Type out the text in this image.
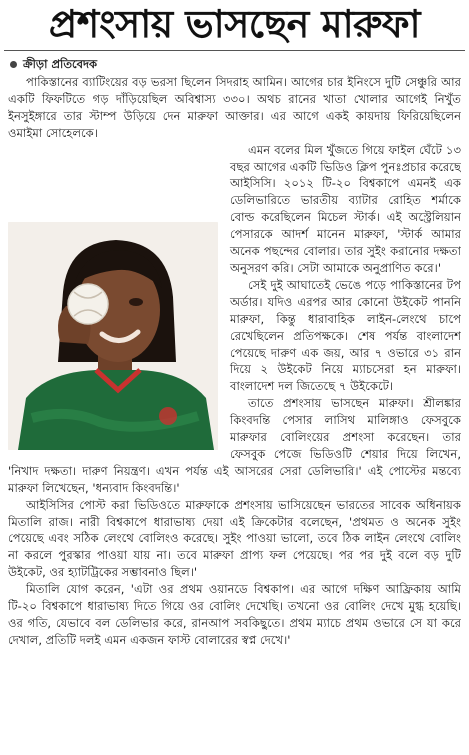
প্রশংসায় ভাসছেন মারুফা
ক্রীড়া প্রতিবেদক

পাকিস্তানের ব্যাটিংয়ের বড় ভরসা ছিলেন সিদরাহ আমিন। আগের চার ইনিংসে দুটি সেঞ্চুরি আর একটি ফিফটিতে গড় দাঁড়িয়েছিল অবিশ্বাস্য ৩৩০। অথচ রানের খাতা খোলার আগেই নিখুঁত ইনসুইঙ্গারে তার স্টাম্প উড়িয়ে দেন মারুফা আক্তার। এর আগে একই কায়দায় ফিরিয়েছিলেন ওমাইমা সোহেলকে।

এমন বলের মিল খুঁজতে গিয়ে ফাইল ঘেঁটে ১৩ বছর আগের একটি ভিডিও ক্লিপ পুনঃপ্রচার করেছে আইসিসি। ২০১২ টি-২০ বিশ্বকাপে এমনই এক ডেলিভারিতে ভারতীয় ব্যাটার রোহিত শর্মাকে বোল্ড করেছিলেন মিচেল স্টার্ক। এই অস্ট্রেলিয়ান পেসারকে আদর্শ মানেন মারুফা, 'স্টার্ক আমার অনেক পছন্দের বোলার। তার সুইং করানোর দক্ষতা অনুসরণ করি। সেটা আমাকে অনুপ্রাণিত করে।'

সেই দুই আঘাতেই ভেঙে পড়ে পাকিস্তানের টপ অর্ডার। যদিও এরপর আর কোনো উইকেট পাননি মারুফা, কিন্তু ধারাবাহিক লাইন-লেংথে চাপে রেখেছিলেন প্রতিপক্ষকে। শেষ পর্যন্ত বাংলাদেশ পেয়েছে দারুণ এক জয়, আর ৭ ওভারে ৩১ রান দিয়ে ২ উইকেট নিয়ে ম্যাচসেরা হন মারুফা। বাংলাদেশ দল জিতেছে ৭ উইকেটে।

তাতে প্রশংসায় ভাসছেন মারুফা। শ্রীলঙ্কার কিংবদন্তি পেসার লাসিথ মালিঙ্গাও ফেসবুকে মারুফার বোলিংয়ের প্রশংসা করেছেন। তার ফেসবুক পেজে ভিডিওটি শেয়ার দিয়ে লিখেন, 'নিখাদ দক্ষতা। দারুণ নিয়ন্ত্রণ। এখন পর্যন্ত এই আসরের সেরা ডেলিভারি।' এই পোস্টের মন্তব্যে মারুফা লিখেছেন, 'ধন্যবাদ কিংবদন্তি।'

আইসিসির পোস্ট করা ভিডিওতে মারুফাকে প্রশংসায় ভাসিয়েছেন ভারতের সাবেক অধিনায়ক মিতালি রাজ। নারী বিশ্বকাপে ধারাভাষ্য দেয়া এই ক্রিকেটার বলেছেন, 'প্রথমত ও অনেক সুইং পেয়েছে এবং সঠিক লেংথে বোলিংও করেছে। সুইং পাওয়া ভালো, তবে ঠিক লাইন লেংথে বোলিং না করলে পুরস্কার পাওয়া যায় না। তবে মারুফা প্রাপ্য ফল পেয়েছে। পর পর দুই বলে বড় দুটি উইকেট, ওর হ্যাটট্রিকের সম্ভাবনাও ছিল।'

মিতালি যোগ করেন, 'এটা ওর প্রথম ওয়ানডে বিশ্বকাপ। এর আগে দক্ষিণ আফ্রিকায় আমি টি-২০ বিশ্বকাপে ধারাভাষ্য দিতে গিয়ে ওর বোলিং দেখেছি। তখনো ওর বোলিং দেখে মুগ্ধ হয়েছি। ওর গতি, যেভাবে বল ডেলিভার করে, রানআপ সবকিছুতে। প্রথম ম্যাচে প্রথম ওভারে সে যা করে দেখাল, প্রতিটি দলই এমন একজন ফাস্ট বোলারের স্বপ্ন দেখে।'
